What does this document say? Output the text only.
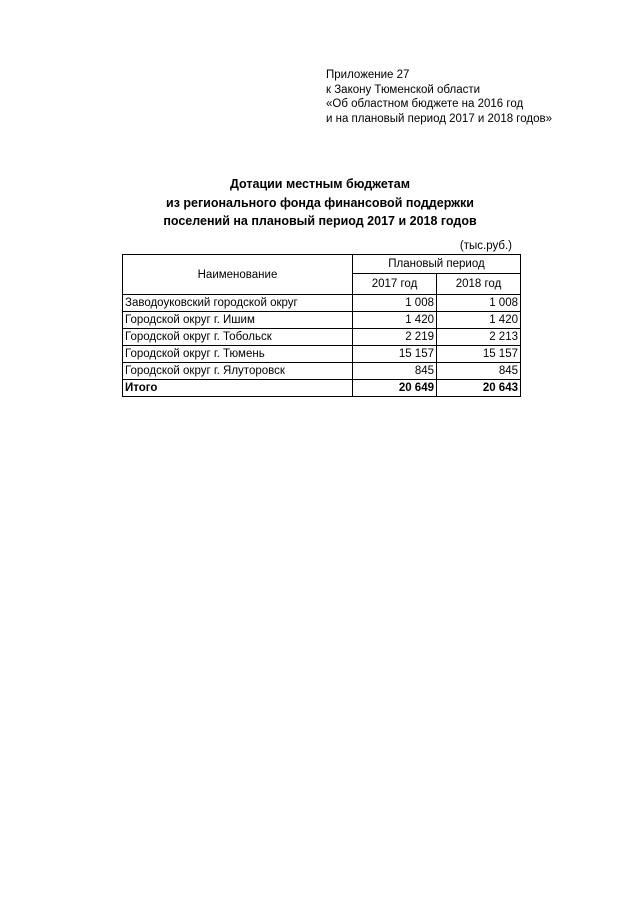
Приложение 27
к Закону Тюменской области
«Об областном бюджете на 2016 год
и на плановый период 2017 и 2018 годов»
Дотации местным бюджетам
из регионального фонда финансовой поддержки
поселений на плановый период 2017 и 2018 годов
(тыс.руб.)
Наименование	Плановый период	
	2017 год	2018 год
Заводоуковский городской округ	1 008	1 008
Городской округ г. Ишим	1 420	1 420
Городской округ г. Тобольск	2 219	2 213
Городской округ г. Тюмень	15 157	15 157
Городской округ г. Ялуторовск	845	845
Итого	20 649	20 643
